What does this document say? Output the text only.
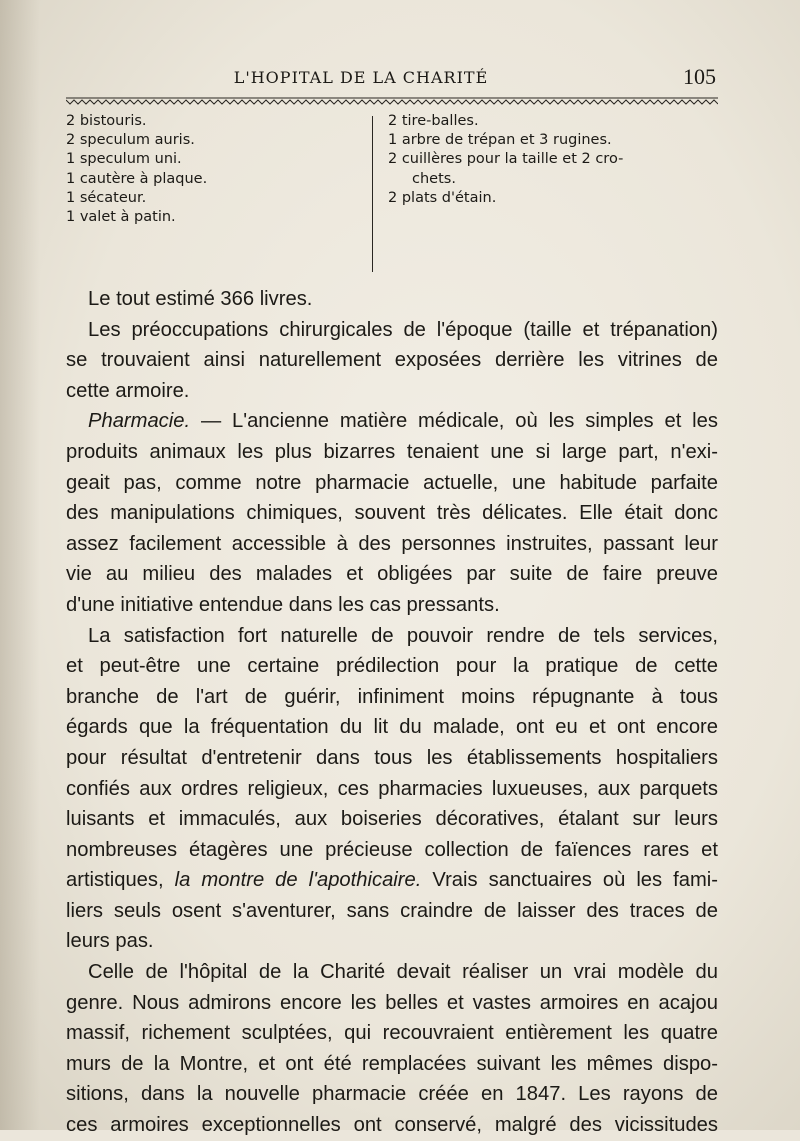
L'HOPITAL DE LA CHARITÉ	105
2 bistouris.
2 speculum auris.
1 speculum uni.
1 cautère à plaque.
1 sécateur.
1 valet à patin.
2 tire-balles.
1 arbre de trépan et 3 rugines.
2 cuillères pour la taille et 2 cro-
chets.
2 plats d'étain.
Le tout estimé 366 livres.
Les préoccupations chirurgicales de l'époque (taille et trépanation)
se trouvaient ainsi naturellement exposées derrière les vitrines de
cette armoire.
Pharmacie. — L'ancienne matière médicale, où les simples et les
produits animaux les plus bizarres tenaient une si large part, n'exi-
geait pas, comme notre pharmacie actuelle, une habitude parfaite
des manipulations chimiques, souvent très délicates. Elle était donc
assez facilement accessible à des personnes instruites, passant leur
vie au milieu des malades et obligées par suite de faire preuve
d'une initiative entendue dans les cas pressants.
La satisfaction fort naturelle de pouvoir rendre de tels services,
et peut-être une certaine prédilection pour la pratique de cette
branche de l'art de guérir, infiniment moins répugnante à tous
égards que la fréquentation du lit du malade, ont eu et ont encore
pour résultat d'entretenir dans tous les établissements hospitaliers
confiés aux ordres religieux, ces pharmacies luxueuses, aux parquets
luisants et immaculés, aux boiseries décoratives, étalant sur leurs
nombreuses étagères une précieuse collection de faïences rares et
artistiques, la montre de l'apothicaire. Vrais sanctuaires où les fami-
liers seuls osent s'aventurer, sans craindre de laisser des traces de
leurs pas.
Celle de l'hôpital de la Charité devait réaliser un vrai modèle du
genre. Nous admirons encore les belles et vastes armoires en acajou
massif, richement sculptées, qui recouvraient entièrement les quatre
murs de la Montre, et ont été remplacées suivant les mêmes dispo-
sitions, dans la nouvelle pharmacie créée en 1847. Les rayons de
ces armoires exceptionnelles ont conservé, malgré des vicissitudes
